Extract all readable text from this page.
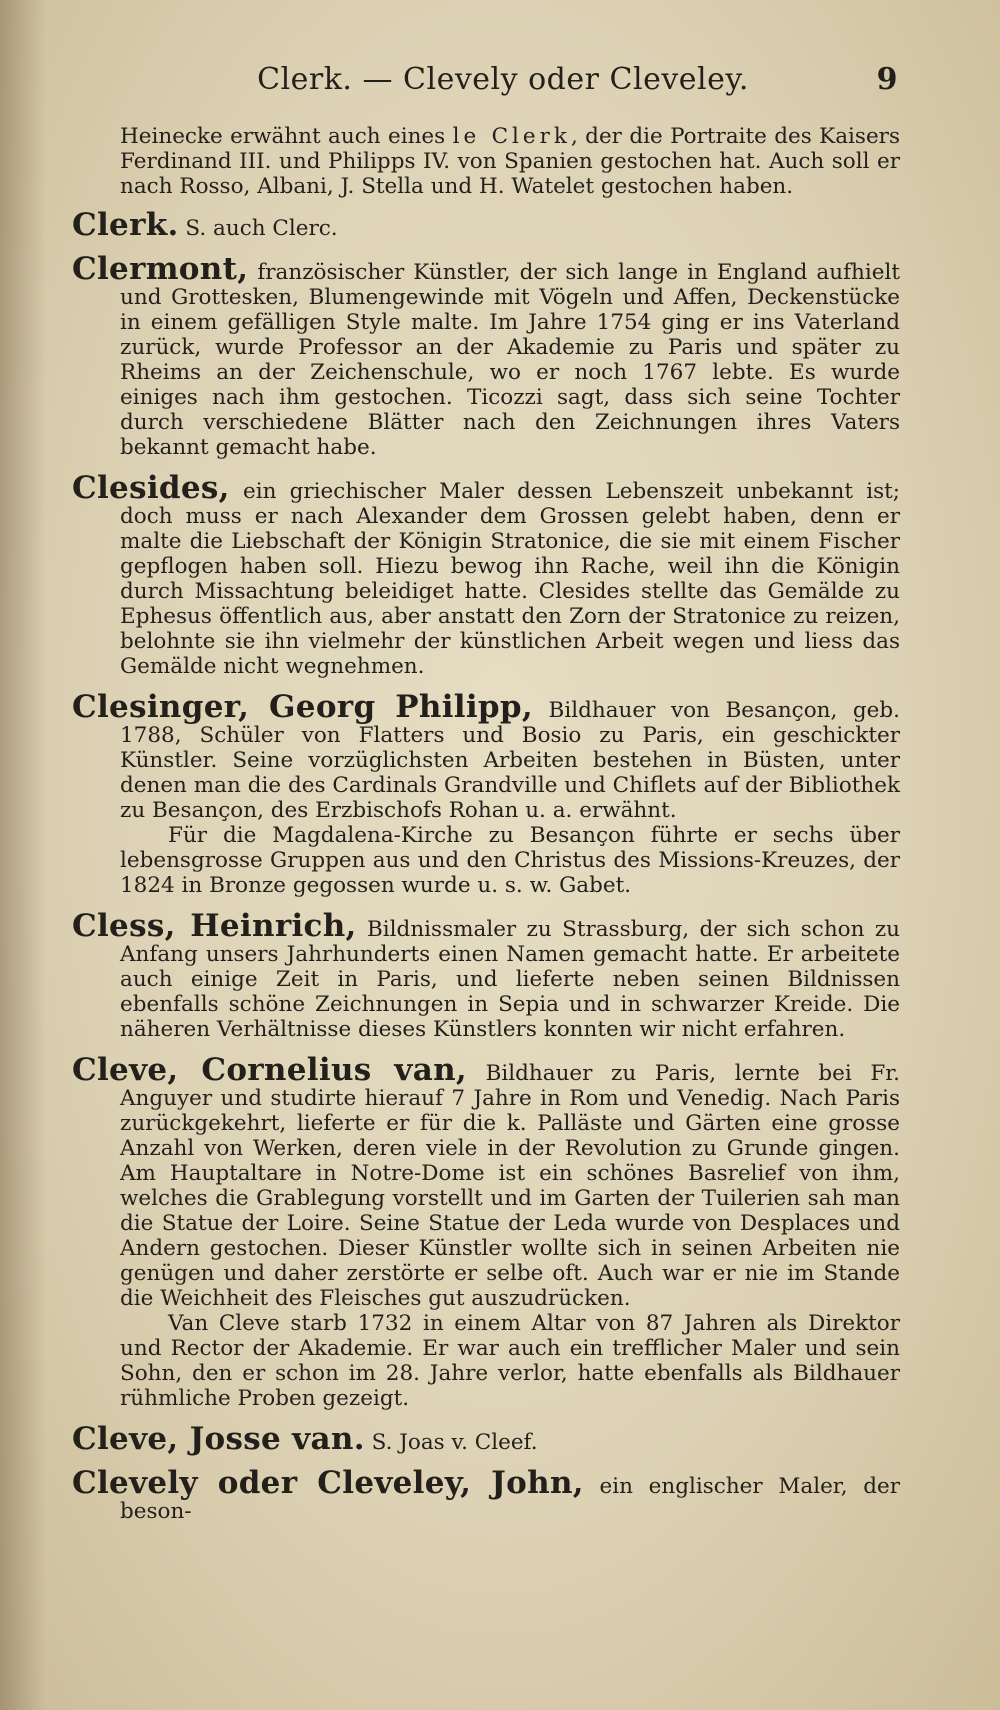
Clerk. — Clevely oder Cleveley.	9
Heinecke erwähnt auch eines le Clerk, der die Portraite des Kaisers Ferdinand III. und Philipps IV. von Spanien gestochen hat. Auch soll er nach Rosso, Albani, J. Stella und H. Watelet gestochen haben.

Clerk. S. auch Clerc.

Clermont, französischer Künstler, der sich lange in England aufhielt und Grottesken, Blumengewinde mit Vögeln und Affen, Deckenstücke in einem gefälligen Style malte. Im Jahre 1754 ging er ins Vaterland zurück, wurde Professor an der Akademie zu Paris und später zu Rheims an der Zeichenschule, wo er noch 1767 lebte. Es wurde einiges nach ihm gestochen. Ticozzi sagt, dass sich seine Tochter durch verschiedene Blätter nach den Zeichnungen ihres Vaters bekannt gemacht habe.

Clesides, ein griechischer Maler dessen Lebenszeit unbekannt ist; doch muss er nach Alexander dem Grossen gelebt haben, denn er malte die Liebschaft der Königin Stratonice, die sie mit einem Fischer gepflogen haben soll. Hiezu bewog ihn Rache, weil ihn die Königin durch Missachtung beleidiget hatte. Clesides stellte das Gemälde zu Ephesus öffentlich aus, aber anstatt den Zorn der Stratonice zu reizen, belohnte sie ihn vielmehr der künstlichen Arbeit wegen und liess das Gemälde nicht wegnehmen.

Clesinger, Georg Philipp, Bildhauer von Besançon, geb. 1788, Schüler von Flatters und Bosio zu Paris, ein geschickter Künstler. Seine vorzüglichsten Arbeiten bestehen in Büsten, unter denen man die des Cardinals Grandville und Chiflets auf der Bibliothek zu Besançon, des Erzbischofs Rohan u. a. erwähnt.

Für die Magdalena-Kirche zu Besançon führte er sechs über lebensgrosse Gruppen aus und den Christus des Missions-Kreuzes, der 1824 in Bronze gegossen wurde u. s. w. Gabet.

Cless, Heinrich, Bildnissmaler zu Strassburg, der sich schon zu Anfang unsers Jahrhunderts einen Namen gemacht hatte. Er arbeitete auch einige Zeit in Paris, und lieferte neben seinen Bildnissen ebenfalls schöne Zeichnungen in Sepia und in schwarzer Kreide. Die näheren Verhältnisse dieses Künstlers konnten wir nicht erfahren.

Cleve, Cornelius van, Bildhauer zu Paris, lernte bei Fr. Anguyer und studirte hierauf 7 Jahre in Rom und Venedig. Nach Paris zurückgekehrt, lieferte er für die k. Palläste und Gärten eine grosse Anzahl von Werken, deren viele in der Revolution zu Grunde gingen. Am Hauptaltare in Notre-Dome ist ein schönes Basrelief von ihm, welches die Grablegung vorstellt und im Garten der Tuilerien sah man die Statue der Loire. Seine Statue der Leda wurde von Desplaces und Andern gestochen. Dieser Künstler wollte sich in seinen Arbeiten nie genügen und daher zerstörte er selbe oft. Auch war er nie im Stande die Weichheit des Fleisches gut auszudrücken.

Van Cleve starb 1732 in einem Altar von 87 Jahren als Direktor und Rector der Akademie. Er war auch ein trefflicher Maler und sein Sohn, den er schon im 28. Jahre verlor, hatte ebenfalls als Bildhauer rühmliche Proben gezeigt.

Cleve, Josse van. S. Joas v. Cleef.

Clevely oder Cleveley, John, ein englischer Maler, der beson-
